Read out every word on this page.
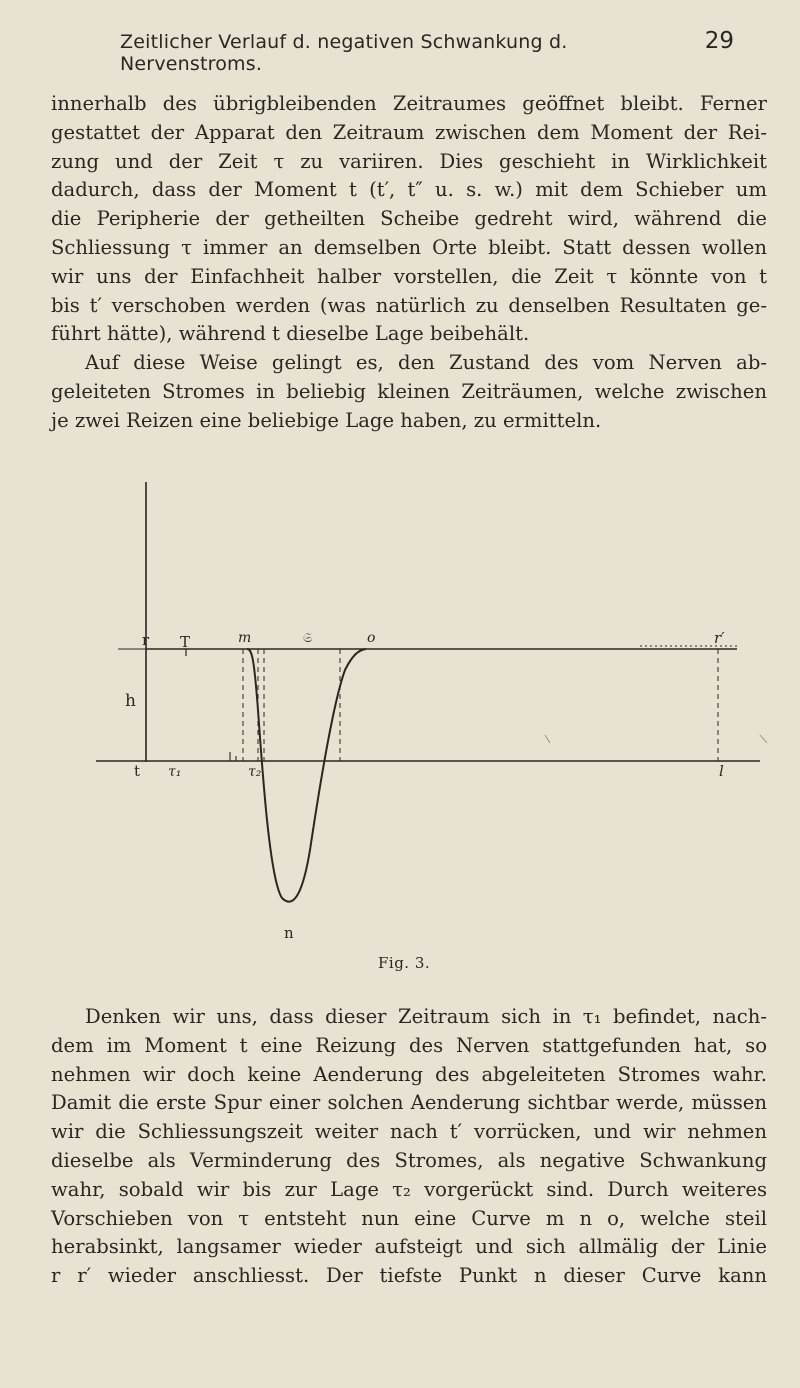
Zeitlicher Verlauf d. negativen Schwankung d. Nervenstroms.
29

innerhalb des übrigbleibenden Zeitraumes geöffnet bleibt. Ferner
gestattet der Apparat den Zeitraum zwischen dem Moment der Rei-
zung und der Zeit τ zu variiren. Dies geschieht in Wirklichkeit
dadurch, dass der Moment t (t′, t″ u. s. w.) mit dem Schieber um
die Peripherie der getheilten Scheibe gedreht wird, während die
Schliessung τ immer an demselben Orte bleibt. Statt dessen wollen
wir uns der Einfachheit halber vorstellen, die Zeit τ könnte von t
bis t′ verschoben werden (was natürlich zu denselben Resultaten ge-
führt hätte), während t dieselbe Lage beibehält.

Auf diese Weise gelingt es, den Zustand des vom Nerven ab-
geleiteten Stromes in beliebig kleinen Zeiträumen, welche zwischen
je zwei Reizen eine beliebige Lage haben, zu ermitteln.

r T	m	𝔖	o	r′
h
t τ₁	τ₂	l
n
Fig. 3.

Denken wir uns, dass dieser Zeitraum sich in τ₁ befindet, nach-
dem im Moment t eine Reizung des Nerven stattgefunden hat, so
nehmen wir doch keine Aenderung des abgeleiteten Stromes wahr.
Damit die erste Spur einer solchen Aenderung sichtbar werde, müssen
wir die Schliessungszeit weiter nach t′ vorrücken, und wir nehmen
dieselbe als Verminderung des Stromes, als negative Schwankung
wahr, sobald wir bis zur Lage τ₂ vorgerückt sind. Durch weiteres
Vorschieben von τ entsteht nun eine Curve m n o, welche steil
herabsinkt, langsamer wieder aufsteigt und sich allmälig der Linie
r r′ wieder anschliesst. Der tiefste Punkt n dieser Curve kann
